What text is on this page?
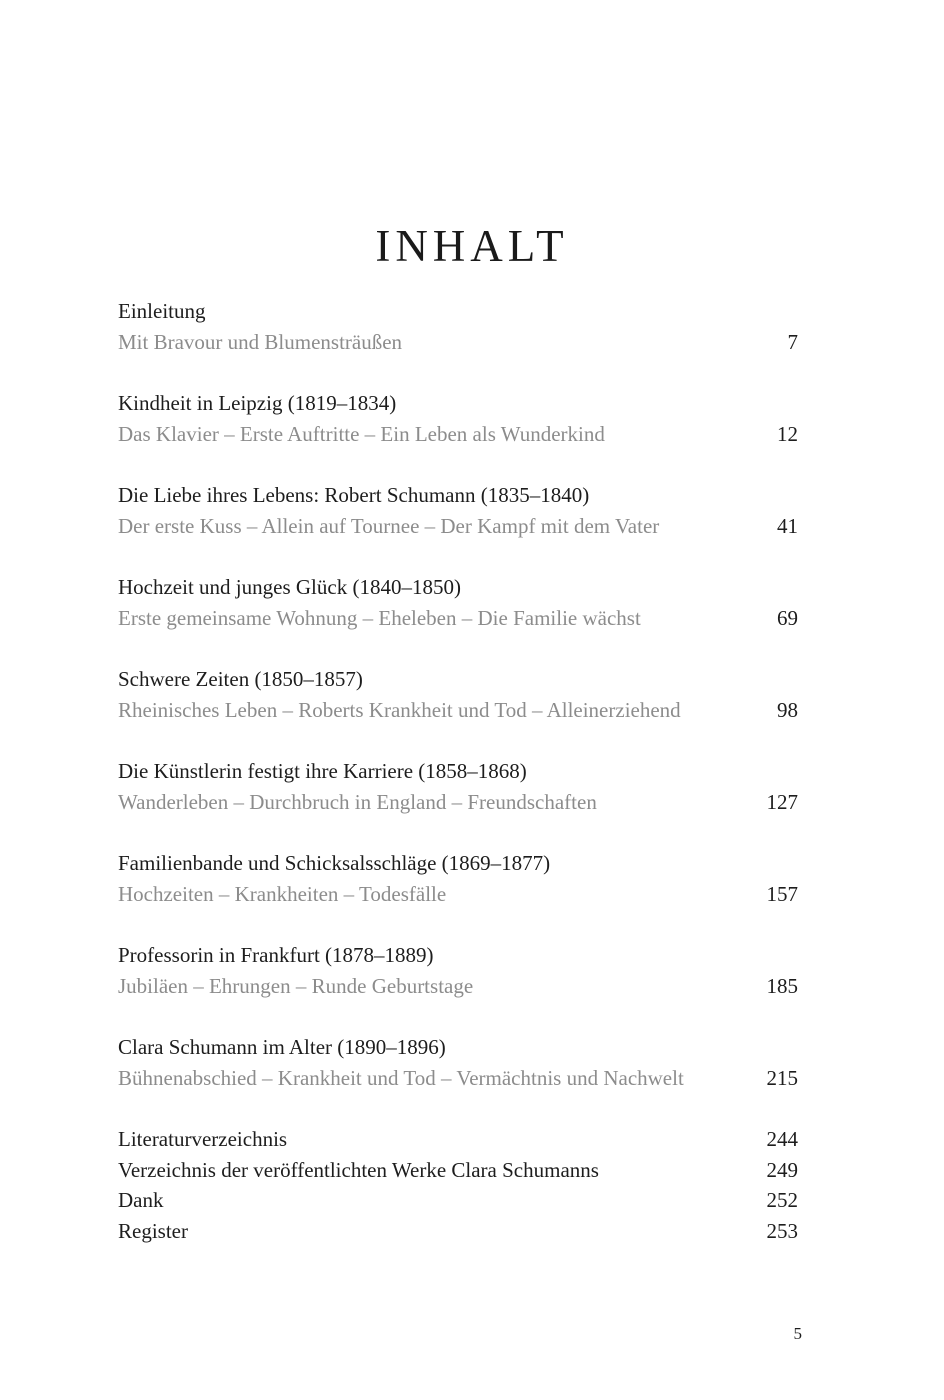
INHALT
Einleitung
Mit Bravour und Blumensträußen	7
Kindheit in Leipzig (1819–1834)
Das Klavier – Erste Auftritte – Ein Leben als Wunderkind	12
Die Liebe ihres Lebens: Robert Schumann (1835–1840)
Der erste Kuss – Allein auf Tournee – Der Kampf mit dem Vater	41
Hochzeit und junges Glück (1840–1850)
Erste gemeinsame Wohnung – Eheleben – Die Familie wächst	69
Schwere Zeiten (1850–1857)
Rheinisches Leben – Roberts Krankheit und Tod – Alleinerziehend	98
Die Künstlerin festigt ihre Karriere (1858–1868)
Wanderleben – Durchbruch in England – Freundschaften	127
Familienbande und Schicksalsschläge (1869–1877)
Hochzeiten – Krankheiten – Todesfälle	157
Professorin in Frankfurt (1878–1889)
Jubiläen – Ehrungen – Runde Geburtstage	185
Clara Schumann im Alter (1890–1896)
Bühnenabschied – Krankheit und Tod – Vermächtnis und Nachwelt	215
Literaturverzeichnis	244
Verzeichnis der veröffentlichten Werke Clara Schumanns	249
Dank	252
Register	253
5
